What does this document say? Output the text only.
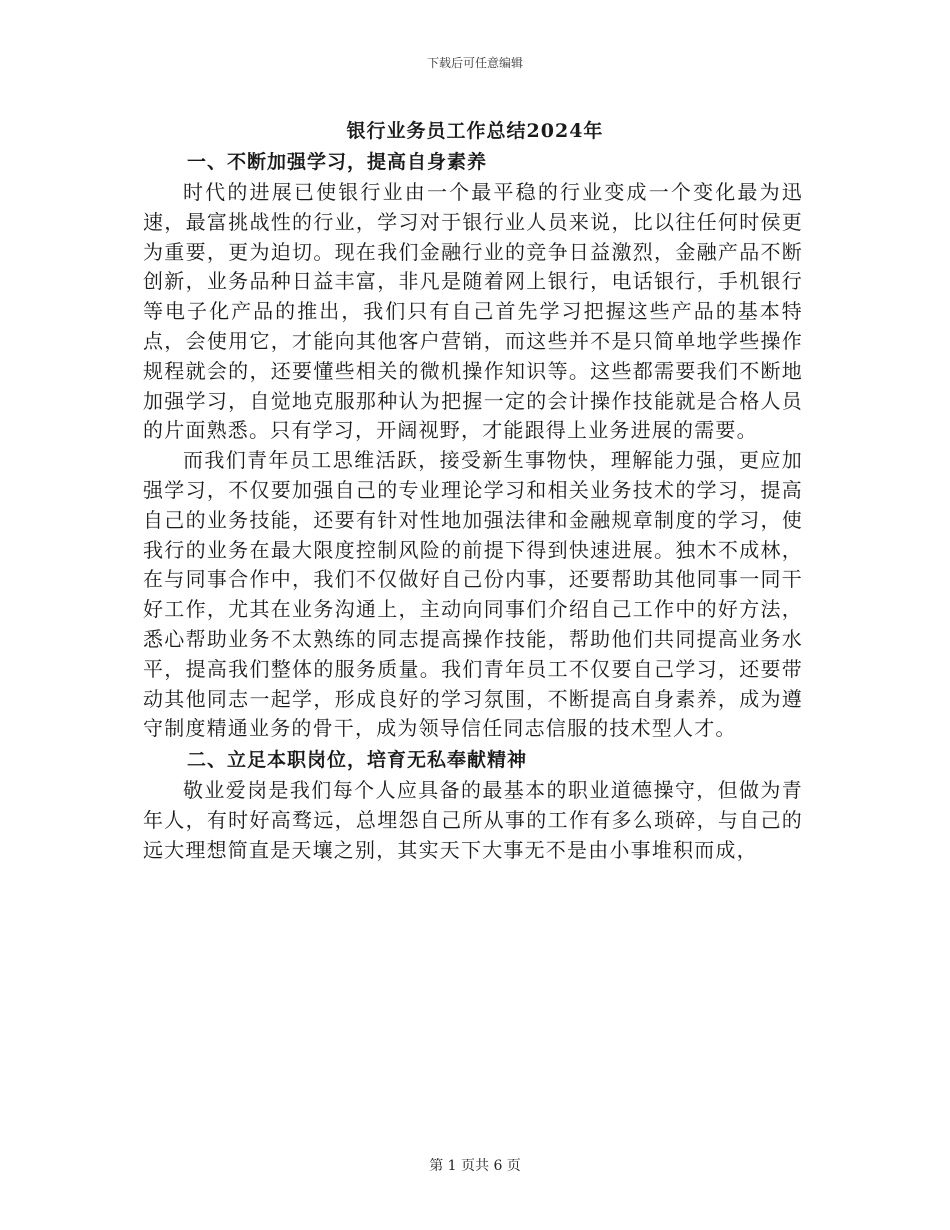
下载后可任意编辑
银行业务员工作总结2024年
一、不断加强学习，提高自身素养

时代的进展已使银行业由一个最平稳的行业变成一个变化最为迅速，最富挑战性的行业，学习对于银行业人员来说，比以往任何时侯更为重要，更为迫切。现在我们金融行业的竞争日益激烈，金融产品不断创新，业务品种日益丰富，非凡是随着网上银行，电话银行，手机银行等电子化产品的推出，我们只有自己首先学习把握这些产品的基本特点，会使用它，才能向其他客户营销，而这些并不是只简单地学些操作规程就会的，还要懂些相关的微机操作知识等。这些都需要我们不断地加强学习，自觉地克服那种认为把握一定的会计操作技能就是合格人员的片面熟悉。只有学习，开阔视野，才能跟得上业务进展的需要。

而我们青年员工思维活跃，接受新生事物快，理解能力强，更应加强学习，不仅要加强自己的专业理论学习和相关业务技术的学习，提高自己的业务技能，还要有针对性地加强法律和金融规章制度的学习，使我行的业务在最大限度控制风险的前提下得到快速进展。独木不成林，在与同事合作中，我们不仅做好自己份内事，还要帮助其他同事一同干好工作，尤其在业务沟通上，主动向同事们介绍自己工作中的好方法，悉心帮助业务不太熟练的同志提高操作技能，帮助他们共同提高业务水平，提高我们整体的服务质量。我们青年员工不仅要自己学习，还要带动其他同志一起学，形成良好的学习氛围，不断提高自身素养，成为遵守制度精通业务的骨干，成为领导信任同志信服的技术型人才。

二、立足本职岗位，培育无私奉献精神

敬业爱岗是我们每个人应具备的最基本的职业道德操守，但做为青年人，有时好高骛远，总埋怨自己所从事的工作有多么琐碎，与自己的远大理想简直是天壤之别，其实天下大事无不是由小事堆积而成，

第 1 页共 6 页
